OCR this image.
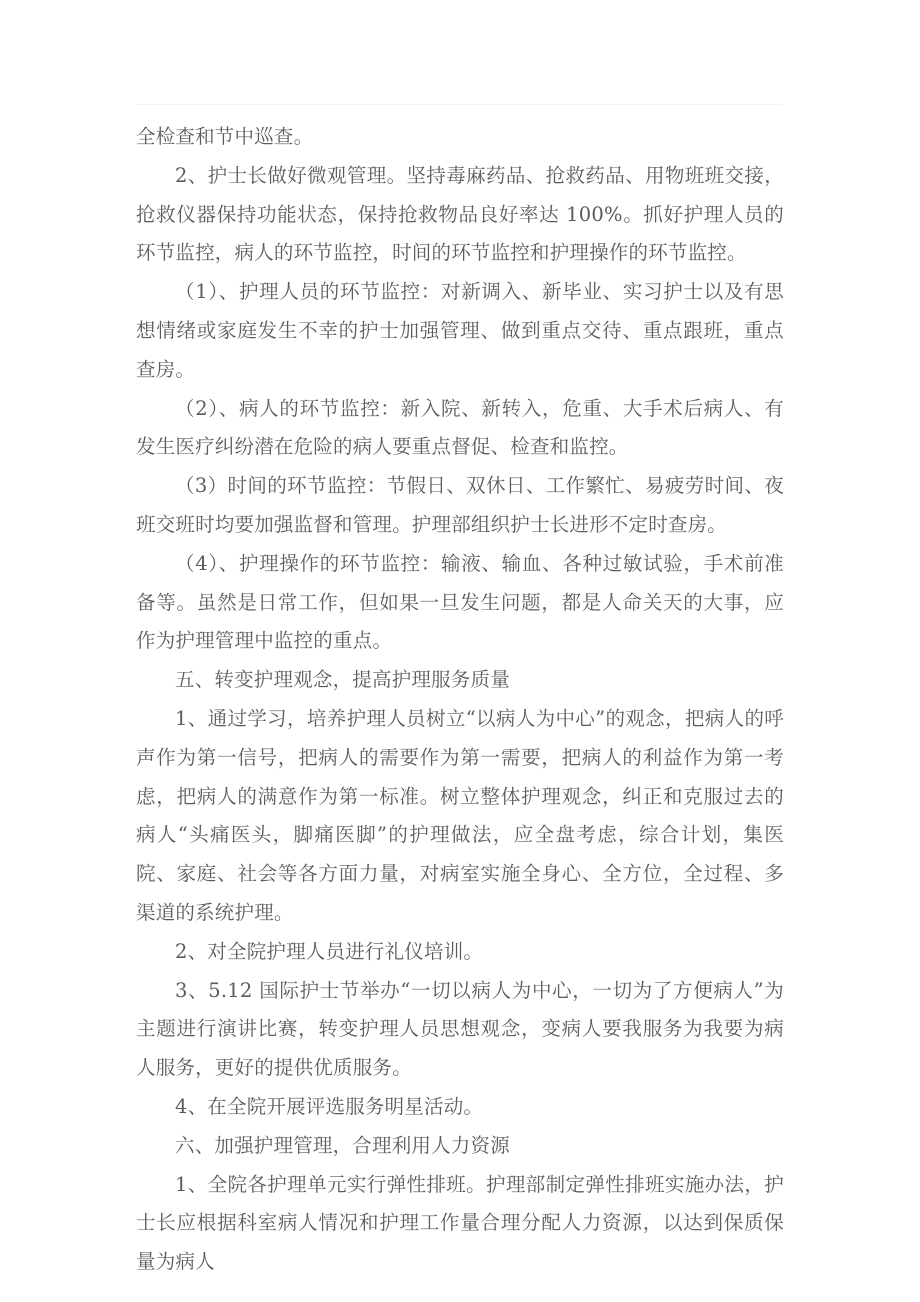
全检查和节中巡查。

2、护士长做好微观管理。坚持毒麻药品、抢救药品、用物班班交接，抢救仪器保持功能状态，保持抢救物品良好率达 100%。抓好护理人员的环节监控，病人的环节监控，时间的环节监控和护理操作的环节监控。

（1）、护理人员的环节监控：对新调入、新毕业、实习护士以及有思想情绪或家庭发生不幸的护士加强管理、做到重点交待、重点跟班，重点查房。

（2）、病人的环节监控：新入院、新转入，危重、大手术后病人、有发生医疗纠纷潜在危险的病人要重点督促、检查和监控。

（3）时间的环节监控：节假日、双休日、工作繁忙、易疲劳时间、夜班交班时均要加强监督和管理。护理部组织护士长进形不定时查房。

（4）、护理操作的环节监控：输液、输血、各种过敏试验，手术前准备等。虽然是日常工作，但如果一旦发生问题，都是人命关天的大事，应作为护理管理中监控的重点。

五、转变护理观念，提高护理服务质量

1、通过学习，培养护理人员树立“以病人为中心”的观念，把病人的呼声作为第一信号，把病人的需要作为第一需要，把病人的利益作为第一考虑，把病人的满意作为第一标准。树立整体护理观念，纠正和克服过去的病人“头痛医头，脚痛医脚”的护理做法，应全盘考虑，综合计划，集医院、家庭、社会等各方面力量，对病室实施全身心、全方位，全过程、多渠道的系统护理。

2、对全院护理人员进行礼仪培训。

3、5.12 国际护士节举办“一切以病人为中心，一切为了方便病人”为主题进行演讲比赛，转变护理人员思想观念，变病人要我服务为我要为病人服务，更好的提供优质服务。

4、在全院开展评选服务明星活动。

六、加强护理管理，合理利用人力资源

1、全院各护理单元实行弹性排班。护理部制定弹性排班实施办法，护士长应根据科室病人情况和护理工作量合理分配人力资源，以达到保质保量为病人
